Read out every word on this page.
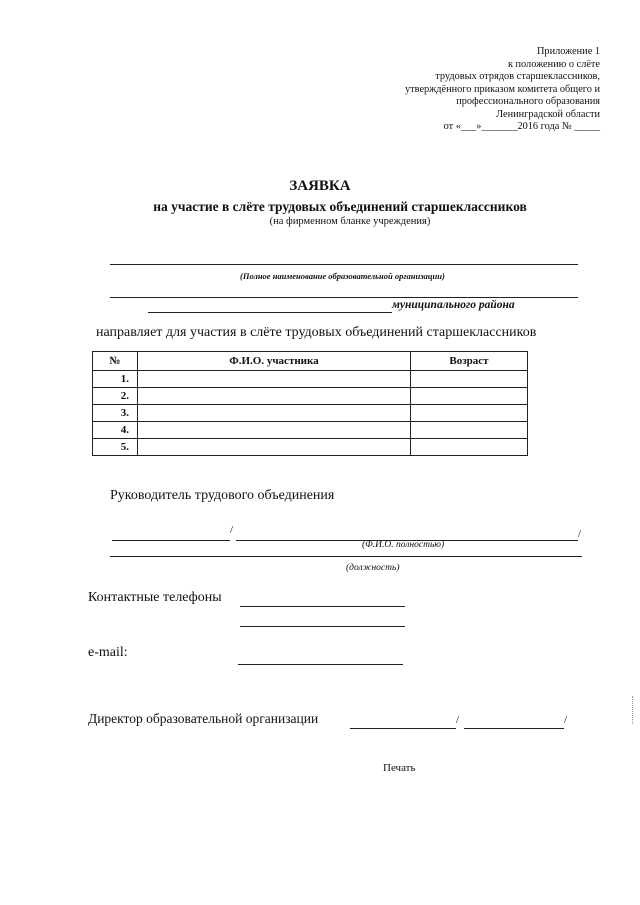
Приложение 1
к положению о слёте
трудовых отрядов старшеклассников,
утверждённого приказом комитета общего и
профессионального образования
Ленинградской области
от «___»_______2016 года № _____
ЗАЯВКА
на участие в слёте трудовых объединений старшеклассников
(на фирменном бланке учреждения)
(Полное наименование образовательной организации)
муниципального района
направляет для участия в слёте трудовых объединений старшеклассников
№	Ф.И.О. участника	Возраст
1.		
2.		
3.		
4.		
5.		
Руководитель трудового объединения
/	/
(Ф.И.О. полностью)
(должность)
Контактные телефоны
e-mail:
Директор образовательной организации	/	/
Печать
